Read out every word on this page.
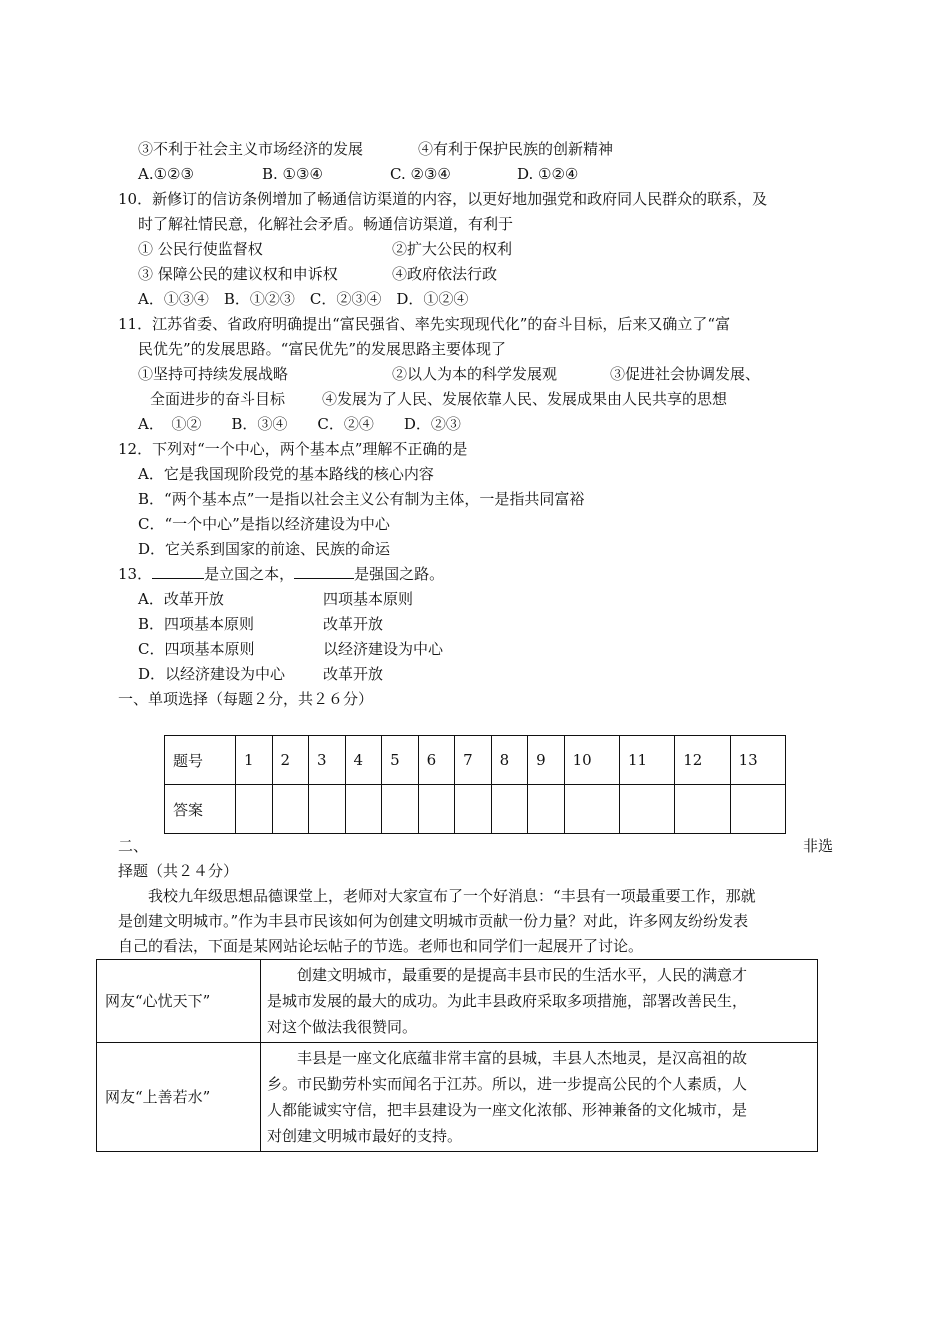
③不利于社会主义市场经济的发展	④有利于保护民族的创新精神
A.①②③	B. ①③④	C. ②③④	D. ①②④
10．新修订的信访条例增加了畅通信访渠道的内容，以更好地加强党和政府同人民群众的联系，及
时了解社情民意，化解社会矛盾。畅通信访渠道，有利于
① 公民行使监督权	②扩大公民的权利
③ 保障公民的建议权和申诉权	④政府依法行政
A．①③④　B．①②③　C．②③④　D．①②④
11．江苏省委、省政府明确提出“富民强省、率先实现现代化”的奋斗目标，后来又确立了“富
民优先”的发展思路。“富民优先”的发展思路主要体现了
①坚持可持续发展战略	②以人为本的科学发展观	③促进社会协调发展、
全面进步的奋斗目标 ④发展为了人民、发展依靠人民、发展成果由人民共享的思想
A．　①②　　B．③④　　C．②④　　D．②③
12．下列对“一个中心，两个基本点”理解不正确的是
A．它是我国现阶段党的基本路线的核心内容
B．“两个基本点”一是指以社会主义公有制为主体，一是指共同富裕
C．“一个中心”是指以经济建设为中心
D．它关系到国家的前途、民族的命运
13．	是立国之本，	是强国之路。
A．改革开放	四项基本原则
B．四项基本原则	改革开放
C．四项基本原则	以经济建设为中心
D．以经济建设为中心	改革开放
一、单项选择（每题２分，共２６分）
题号	1	2	3	4	5	6	7	8	9	10	11	12	13
答案													
二、	非选
择题（共２４分）
我校九年级思想品德课堂上，老师对大家宣布了一个好消息：“丰县有一项最重要工作，那就
是创建文明城市。”作为丰县市民该如何为创建文明城市贡献一份力量？对此，许多网友纷纷发表
自己的看法，下面是某网站论坛帖子的节选。老师也和同学们一起展开了讨论。
网友“心忧天下”	创建文明城市，最重要的是提高丰县市民的生活水平，人民的满意才
是城市发展的最大的成功。为此丰县政府采取多项措施，部署改善民生，
对这个做法我很赞同。

网友“上善若水”	丰县是一座文化底蕴非常丰富的县城，丰县人杰地灵，是汉高祖的故
乡。市民勤劳朴实而闻名于江苏。所以，进一步提高公民的个人素质，人
人都能诚实守信，把丰县建设为一座文化浓郁、形神兼备的文化城市，是
对创建文明城市最好的支持。
